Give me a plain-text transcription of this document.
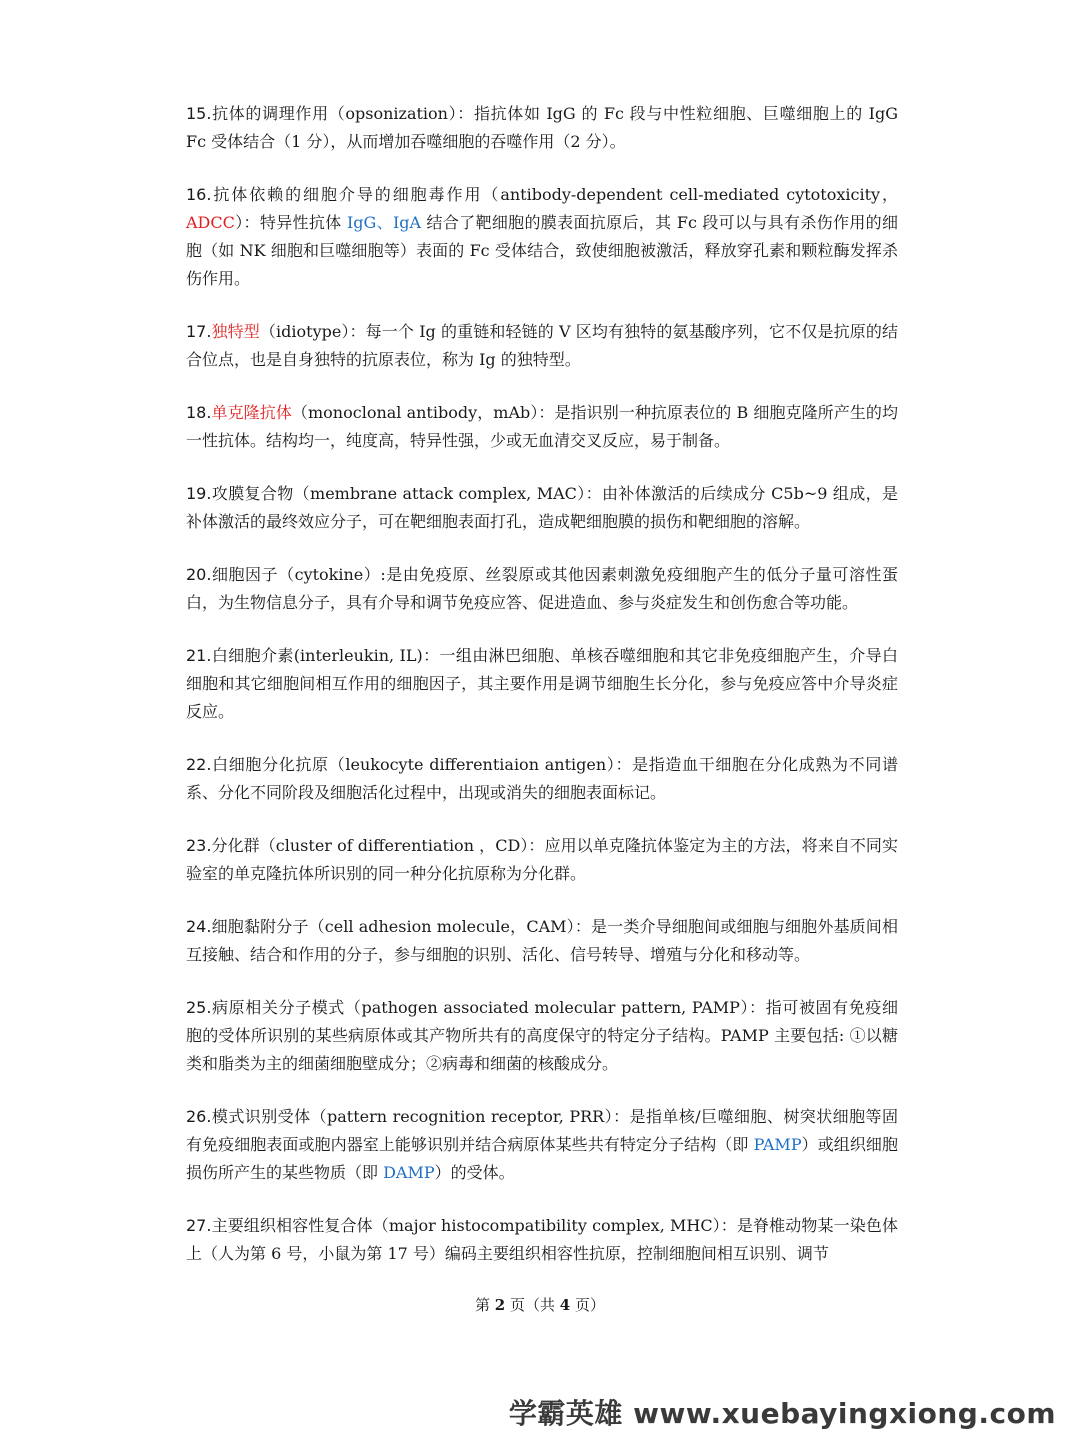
15.抗体的调理作用（opsonization）：指抗体如 IgG 的 Fc 段与中性粒细胞、巨噬细胞上的 IgG Fc 受体结合（1 分），从而增加吞噬细胞的吞噬作用（2 分）。

16.抗体依赖的细胞介导的细胞毒作用（antibody-dependent cell-mediated cytotoxicity，ADCC）：特异性抗体 IgG、IgA 结合了靶细胞的膜表面抗原后，其 Fc 段可以与具有杀伤作用的细胞（如 NK 细胞和巨噬细胞等）表面的 Fc 受体结合，致使细胞被激活，释放穿孔素和颗粒酶发挥杀伤作用。

17.独特型（idiotype）：每一个 Ig 的重链和轻链的 V 区均有独特的氨基酸序列，它不仅是抗原的结合位点，也是自身独特的抗原表位，称为 Ig 的独特型。

18.单克隆抗体（monoclonal antibody，mAb）：是指识别一种抗原表位的 B 细胞克隆所产生的均一性抗体。结构均一，纯度高，特异性强，少或无血清交叉反应，易于制备。

19.攻膜复合物（membrane attack complex, MAC）：由补体激活的后续成分 C5b~9 组成，是补体激活的最终效应分子，可在靶细胞表面打孔，造成靶细胞膜的损伤和靶细胞的溶解。

20.细胞因子（cytokine）:是由免疫原、丝裂原或其他因素刺激免疫细胞产生的低分子量可溶性蛋白，为生物信息分子，具有介导和调节免疫应答、促进造血、参与炎症发生和创伤愈合等功能。

21.白细胞介素(interleukin, IL)：一组由淋巴细胞、单核吞噬细胞和其它非免疫细胞产生，介导白细胞和其它细胞间相互作用的细胞因子，其主要作用是调节细胞生长分化，参与免疫应答中介导炎症反应。

22.白细胞分化抗原（leukocyte differentiaion antigen）：是指造血干细胞在分化成熟为不同谱系、分化不同阶段及细胞活化过程中，出现或消失的细胞表面标记。

23.分化群（cluster of differentiation ，CD）：应用以单克隆抗体鉴定为主的方法，将来自不同实验室的单克隆抗体所识别的同一种分化抗原称为分化群。

24.细胞黏附分子（cell adhesion molecule，CAM）：是一类介导细胞间或细胞与细胞外基质间相互接触、结合和作用的分子，参与细胞的识别、活化、信号转导、增殖与分化和移动等。

25.病原相关分子模式（pathogen associated molecular pattern, PAMP）：指可被固有免疫细胞的受体所识别的某些病原体或其产物所共有的高度保守的特定分子结构。PAMP 主要包括: ①以糖类和脂类为主的细菌细胞壁成分；②病毒和细菌的核酸成分。

26.模式识别受体（pattern recognition receptor, PRR）：是指单核/巨噬细胞、树突状细胞等固有免疫细胞表面或胞内器室上能够识别并结合病原体某些共有特定分子结构（即 PAMP）或组织细胞损伤所产生的某些物质（即 DAMP）的受体。

27.主要组织相容性复合体（major histocompatibility complex, MHC）：是脊椎动物某一染色体上（人为第 6 号，小鼠为第 17 号）编码主要组织相容性抗原，控制细胞间相互识别、调节

第 2 页（共 4 页）
学霸英雄 www.xuebayingxiong.com
